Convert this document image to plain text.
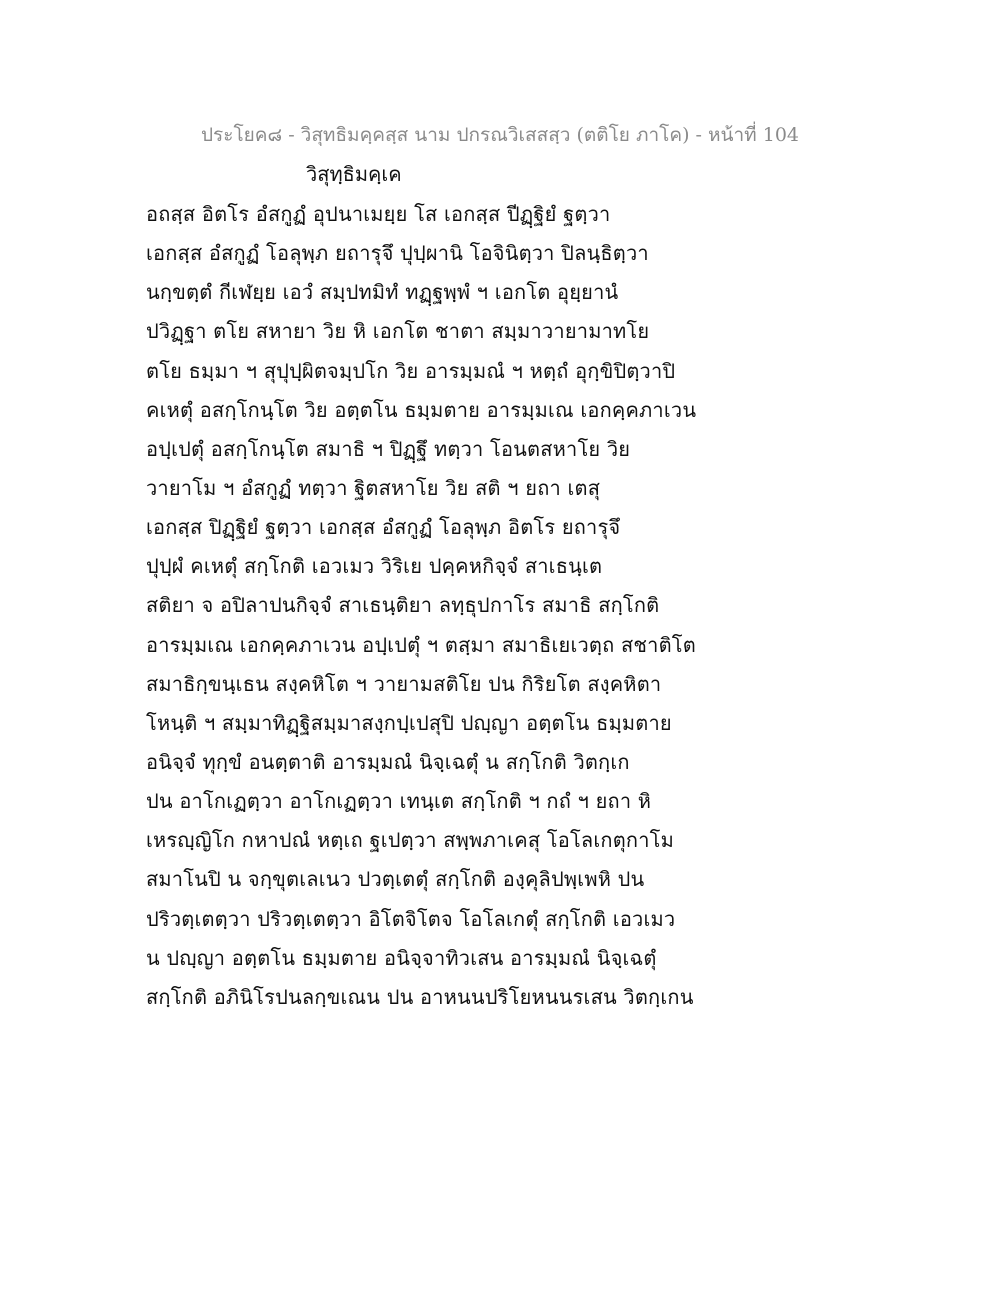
ประโยค๘ - วิสุทธิมคฺคสฺส นาม ปกรณวิเสสสฺว (ตติโย ภาโค) - หน้าที่ 104
วิสุทฺธิมคฺเค
อถสฺส อิตโร อํสกูฏํ อุปนาเมยฺย โส เอกสฺส ปีฏฺฐิยํ ฐตฺวา
เอกสฺส อํสกูฏํ โอลุพฺภ ยถารุจึ ปุปฺผานิ โอจินิตฺวา ปิลนฺธิตฺวา
นกฺขตฺตํ กีเฬยฺย เอวํ สมฺปทมิทํ ทฏฺฐพฺพํ ฯ เอกโต อุยฺยานํ
ปวิฏฺฐา ตโย สหายา วิย หิ เอกโต ชาตา สมฺมาวายามาทโย
ตโย ธมฺมา ฯ สุปุปฺผิตจมฺปโก วิย อารมฺมณํ ฯ หตฺถํ อุกฺขิปิตฺวาปิ
คเหตุํ อสกฺโกนฺโต วิย อตฺตโน ธมฺมตาย อารมฺมเณ เอกคฺคภาเวน
อปฺเปตุํ อสกฺโกนฺโต สมาธิ ฯ ปิฏฺฐึ ทตฺวา โอนตสหาโย วิย
วายาโม ฯ อํสกูฏํ ทตฺวา ฐิตสหาโย วิย สติ ฯ ยถา เตสุ
เอกสฺส ปิฏฺฐิยํ ฐตฺวา เอกสฺส อํสกูฏํ โอลุพฺภ อิตโร ยถารุจึ
ปุปฺผํ คเหตุํ สกฺโกติ เอวเมว วิริเย ปคฺคหกิจฺจํ สาเธนฺเต
สติยา จ อปิลาปนกิจฺจํ สาเธนฺติยา ลทฺธุปกาโร สมาธิ สกฺโกติ
อารมฺมเณ เอกคฺคภาเวน อปฺเปตุํ ฯ ตสฺมา สมาธิเยเวตฺถ สชาติโต
สมาธิกฺขนฺเธน สงฺคหิโต ฯ วายามสติโย ปน กิริยโต สงฺคหิตา
โหนฺติ ฯ สมฺมาทิฏฺฐิสมฺมาสงฺกปฺเปสุปิ ปญฺญา อตฺตโน ธมฺมตาย
อนิจฺจํ ทุกฺขํ อนตฺตาติ อารมฺมณํ นิจฺเฉตุํ น สกฺโกติ วิตกฺเก
ปน อาโกเฏตฺวา อาโกเฏตฺวา เทนฺเต สกฺโกติ ฯ กถํ ฯ ยถา หิ
เหรญฺญิโก กหาปณํ หตฺเถ ฐเปตฺวา สพฺพภาเคสุ โอโลเกตุกาโม
สมาโนปิ น จกฺขุตเลเนว ปวตฺเตตุํ สกฺโกติ องฺคุลิปพฺเพหิ ปน
ปริวตฺเตตฺวา ปริวตฺเตตฺวา อิโตจิโตจ โอโลเกตุํ สกฺโกติ เอวเมว
น ปญฺญา อตฺตโน ธมฺมตาย อนิจฺจาทิวเสน อารมฺมณํ นิจฺเฉตุํ
สกฺโกติ อภินิโรปนลกฺขเณน ปน อาหนนปริโยหนนรเสน วิตกฺเกน
